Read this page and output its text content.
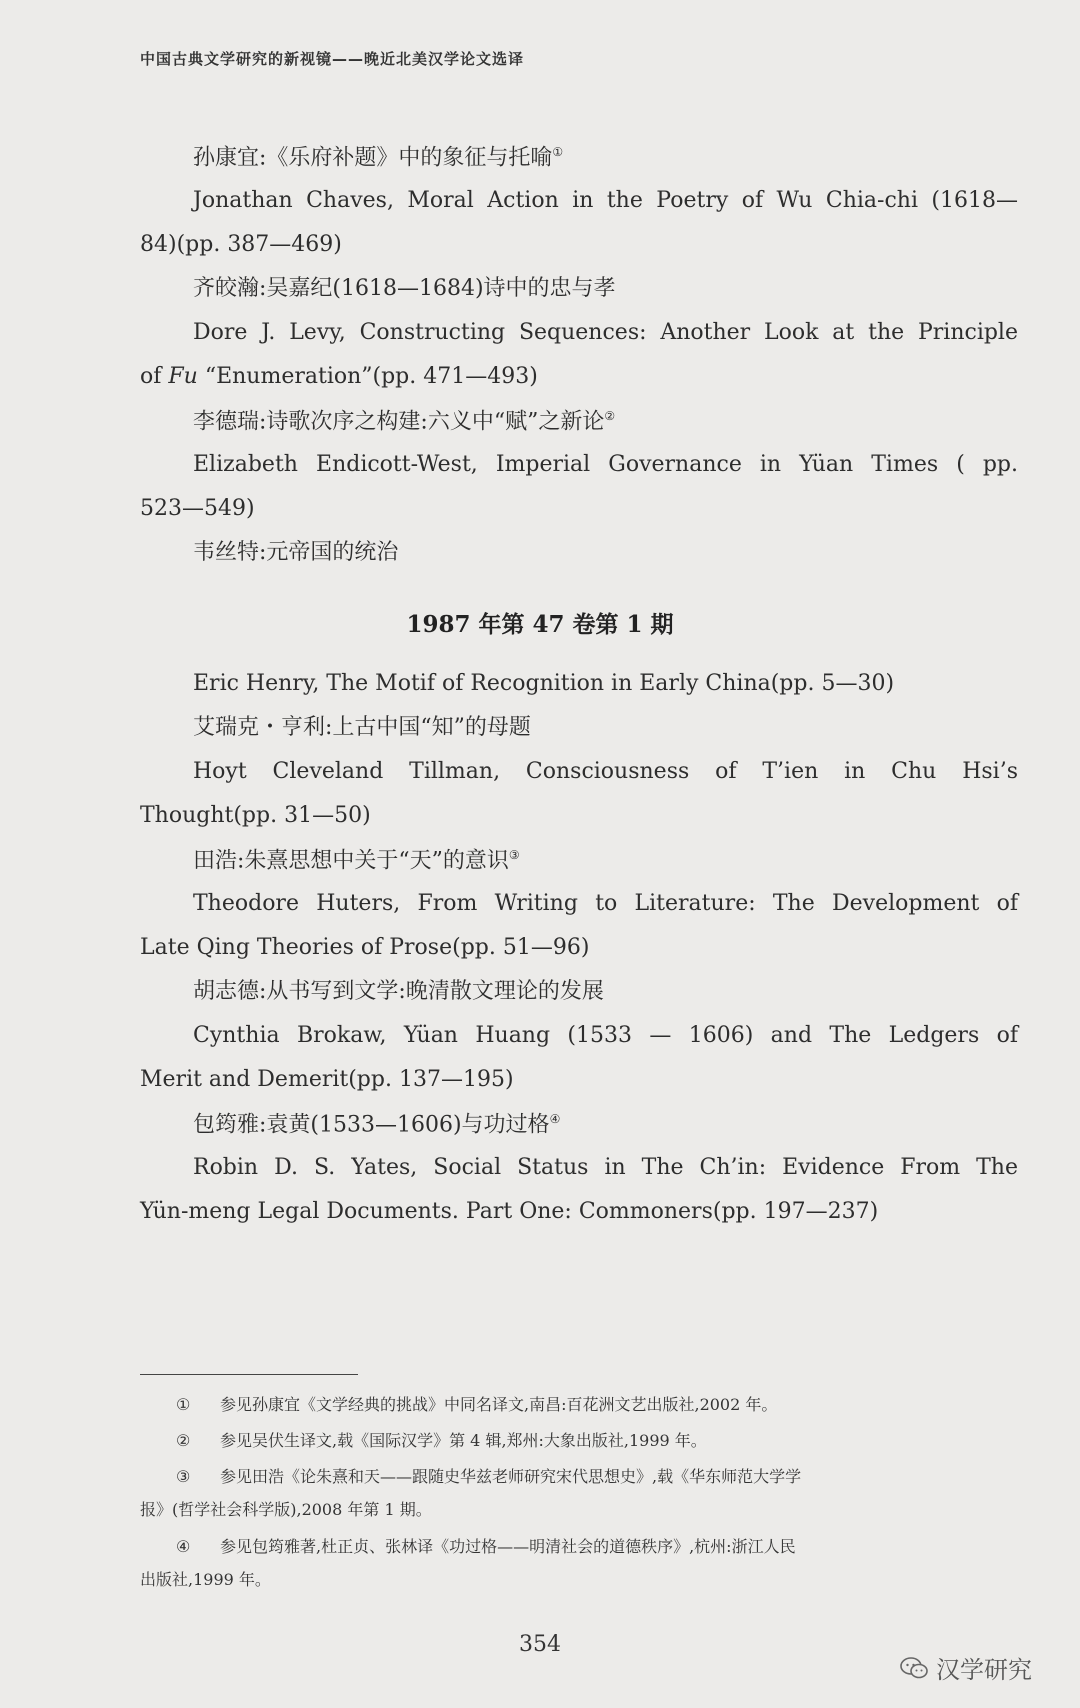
中国古典文学研究的新视镜——晚近北美汉学论文选译
孙康宜:《乐府补题》中的象征与托喻①
Jonathan Chaves, Moral Action in the Poetry of Wu Chia-chi (1618—
84)(pp. 387—469)
齐皎瀚:吴嘉纪(1618—1684)诗中的忠与孝
Dore J. Levy, Constructing Sequences: Another Look at the Principle
of Fu “Enumeration”(pp. 471—493)
李德瑞:诗歌次序之构建:六义中“赋”之新论②
Elizabeth Endicott-West, Imperial Governance in Yüan Times ( pp.
523—549)
韦丝特:元帝国的统治
1987 年第 47 卷第 1 期
Eric Henry, The Motif of Recognition in Early China(pp. 5—30)
艾瑞克・亨利:上古中国“知”的母题
Hoyt Cleveland Tillman, Consciousness of T’ien in Chu Hsi’s
Thought(pp. 31—50)
田浩:朱熹思想中关于“天”的意识③
Theodore Huters, From Writing to Literature: The Development of
Late Qing Theories of Prose(pp. 51—96)
胡志德:从书写到文学:晚清散文理论的发展
Cynthia Brokaw, Yüan Huang (1533 — 1606) and The Ledgers of
Merit and Demerit(pp. 137—195)
包筠雅:袁黄(1533—1606)与功过格④
Robin D. S. Yates, Social Status in The Ch’in: Evidence From The
Yün-meng Legal Documents. Part One: Commoners(pp. 197—237)
① 参见孙康宜《文学经典的挑战》中同名译文,南昌:百花洲文艺出版社,2002 年。
② 参见吴伏生译文,载《国际汉学》第 4 辑,郑州:大象出版社,1999 年。
③ 参见田浩《论朱熹和天——跟随史华兹老师研究宋代思想史》,载《华东师范大学学
报》(哲学社会科学版),2008 年第 1 期。
④ 参见包筠雅著,杜正贞、张林译《功过格——明清社会的道德秩序》,杭州:浙江人民
出版社,1999 年。
354
汉学研究
